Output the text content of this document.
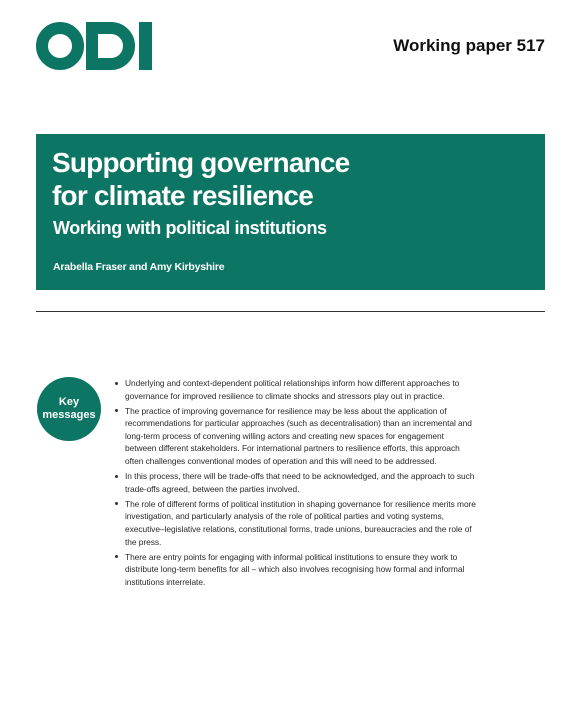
Working paper 517
Supporting governance
for climate resilience
Working with political institutions
Arabella Fraser and Amy Kirbyshire
Key
messages
Underlying and context-dependent political relationships inform how different approaches to governance for improved resilience to climate shocks and stressors play out in practice.
The practice of improving governance for resilience may be less about the application of recommendations for particular approaches (such as decentralisation) than an incremental and long-term process of convening willing actors and creating new spaces for engagement between different stakeholders. For international partners to resilience efforts, this approach often challenges conventional modes of operation and this will need to be addressed.
In this process, there will be trade-offs that need to be acknowledged, and the approach to such trade-offs agreed, between the parties involved.
The role of different forms of political institution in shaping governance for resilience merits more investigation, and particularly analysis of the role of political parties and voting systems, executive–legislative relations, constitutional forms, trade unions, bureaucracies and the role of the press.
There are entry points for engaging with informal political institutions to ensure they work to distribute long-term benefits for all – which also involves recognising how formal and informal institutions interrelate.
